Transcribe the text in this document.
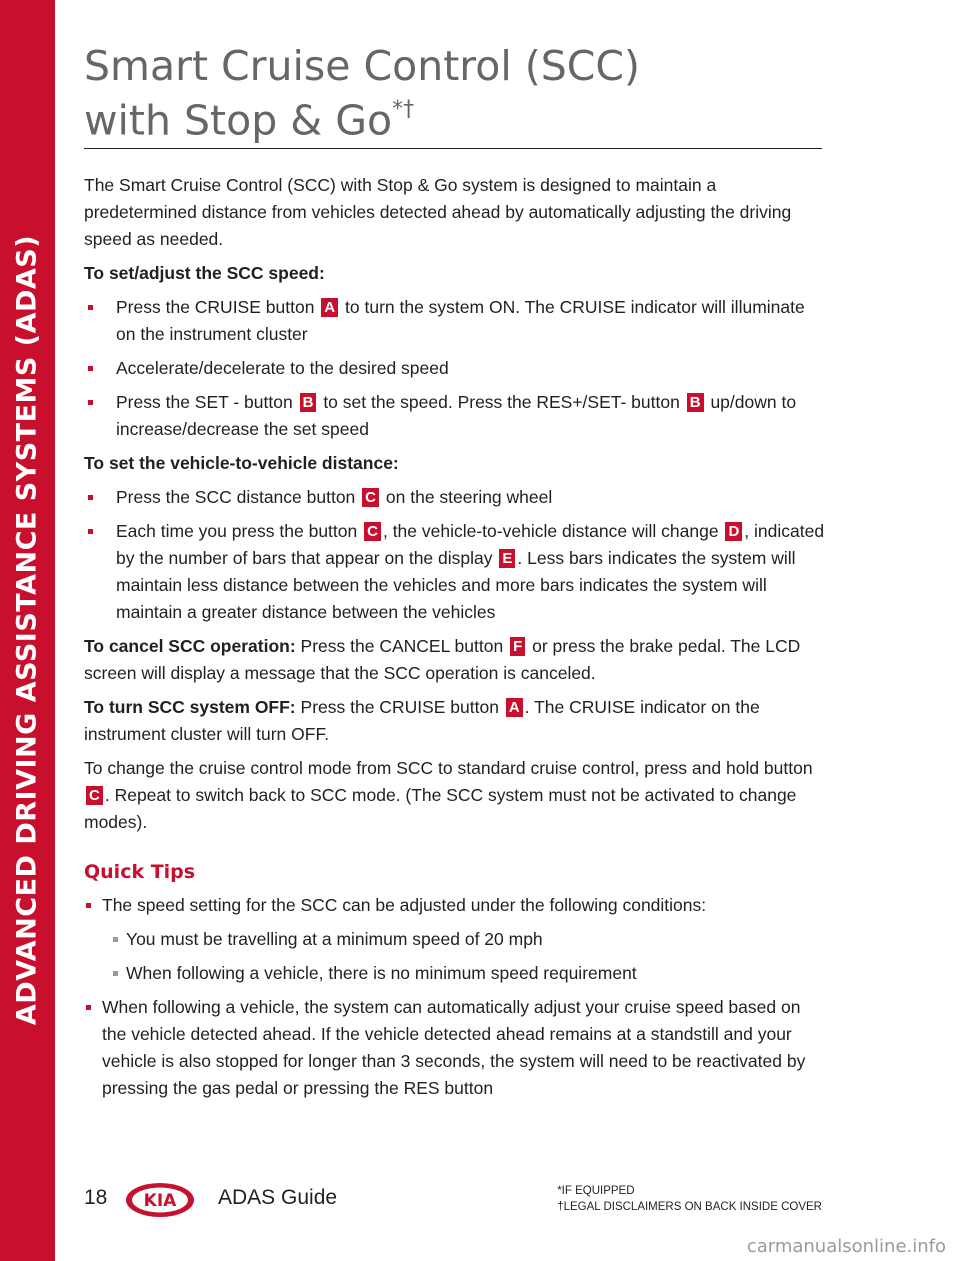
ADVANCED DRIVING ASSISTANCE SYSTEMS (ADAS)
Smart Cruise Control (SCC)
with Stop & Go*†

The Smart Cruise Control (SCC) with Stop & Go system is designed to maintain a predetermined distance from vehicles detected ahead by automatically adjusting the driving speed as needed.

To set/adjust the SCC speed:

Press the CRUISE button A to turn the system ON. The CRUISE indicator will illuminate on the instrument cluster
Accelerate/decelerate to the desired speed
Press the SET - button B to set the speed. Press the RES+/SET- button B up/down to increase/decrease the set speed

To set the vehicle-to-vehicle distance:

Press the SCC distance button C on the steering wheel
Each time you press the button C , the vehicle-to-vehicle distance will change D , indicated by the number of bars that appear on the display E . Less bars indicates the system will maintain less distance between the vehicles and more bars indicates the system will maintain a greater distance between the vehicles

To cancel SCC operation: Press the CANCEL button F or press the brake pedal. The LCD screen will display a message that the SCC operation is canceled.

To turn SCC system OFF: Press the CRUISE button A . The CRUISE indicator on the instrument cluster will turn OFF.

To change the cruise control mode from SCC to standard cruise control, press and hold button C . Repeat to switch back to SCC mode. (The SCC system must not be activated to change modes).

Quick Tips
The speed setting for the SCC can be adjusted under the following conditions:
You must be travelling at a minimum speed of 20 mph
When following a vehicle, there is no minimum speed requirement
When following a vehicle, the system can automatically adjust your cruise speed based on the vehicle detected ahead. If the vehicle detected ahead remains at a standstill and your vehicle is also stopped for longer than 3 seconds, the system will need to be reactivated by pressing the gas pedal or pressing the RES button
18 KIA ADAS Guide	*IF EQUIPPED
†LEGAL DISCLAIMERS ON BACK INSIDE COVER
carmanualsonline.info
